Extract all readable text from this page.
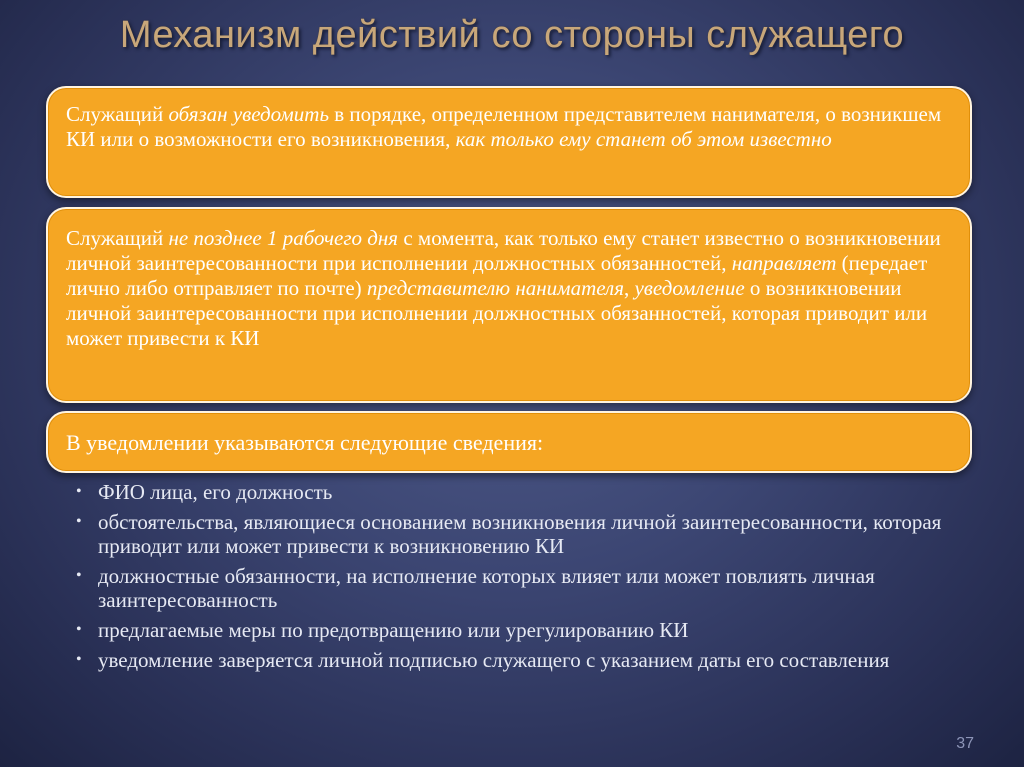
Механизм действий со стороны служащего
Служащий обязан уведомить в порядке, определенном представителем нанимателя, о возникшем КИ или о возможности его возникновения, как только ему станет об этом известно
Служащий не позднее 1 рабочего дня с момента, как только ему станет известно о возникновении личной заинтересованности при исполнении должностных обязанностей, направляет (передает лично либо отправляет по почте) представителю нанимателя, уведомление о возникновении личной заинтересованности при исполнении должностных обязанностей, которая приводит или может привести к КИ
В уведомлении указываются следующие сведения:
• ФИО лица, его должность
• обстоятельства, являющиеся основанием возникновения личной заинтересованности, которая приводит или может привести к возникновению КИ
• должностные обязанности, на исполнение которых влияет или может повлиять личная заинтересованность
• предлагаемые меры по предотвращению или урегулированию КИ
• уведомление заверяется личной подписью служащего с указанием даты его составления
37
